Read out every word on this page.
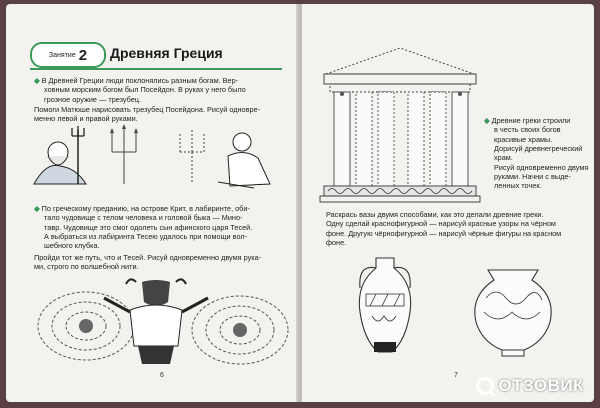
Занятие 2 Древняя Греция
◆ В Древней Греции люди поклонялись разным богам. Вер-
ховным морским богом был Посейдон. В руках у него было
грозное оружие — трезубец.
Помоги Матюше нарисовать трезубец Посейдона. Рисуй одновре-
менно левой и правой руками.
◆ По греческому преданию, на острове Крит, в лабиринте, оби-
тало чудовище с телом человека и головой быка — Мино-
тавр. Чудовище это смог одолеть сын афинского царя Тесей.
А выбраться из лабиринта Тесею удалось при помощи вол-
шебного клубка.
Пройди тот же путь, что и Тесей. Рисуй одновременно двумя рука-
ми, строго по волшебной нити.
6
◆ Древние греки строили
в честь своих богов
красивые храмы.
Дорисуй древнегреческий
храм.
Рисуй одновременно двумя
руками. Начни с выде-
ленных точек.
Раскрась вазы двумя способами, как это делали древние греки.
Одну сделай краснофигурной — нарисуй красные узоры на чёрном
фоне. Другую чёрнофигурной — нарисуй чёрные фигуры на красном
фоне.
7
ОТЗОВИК
